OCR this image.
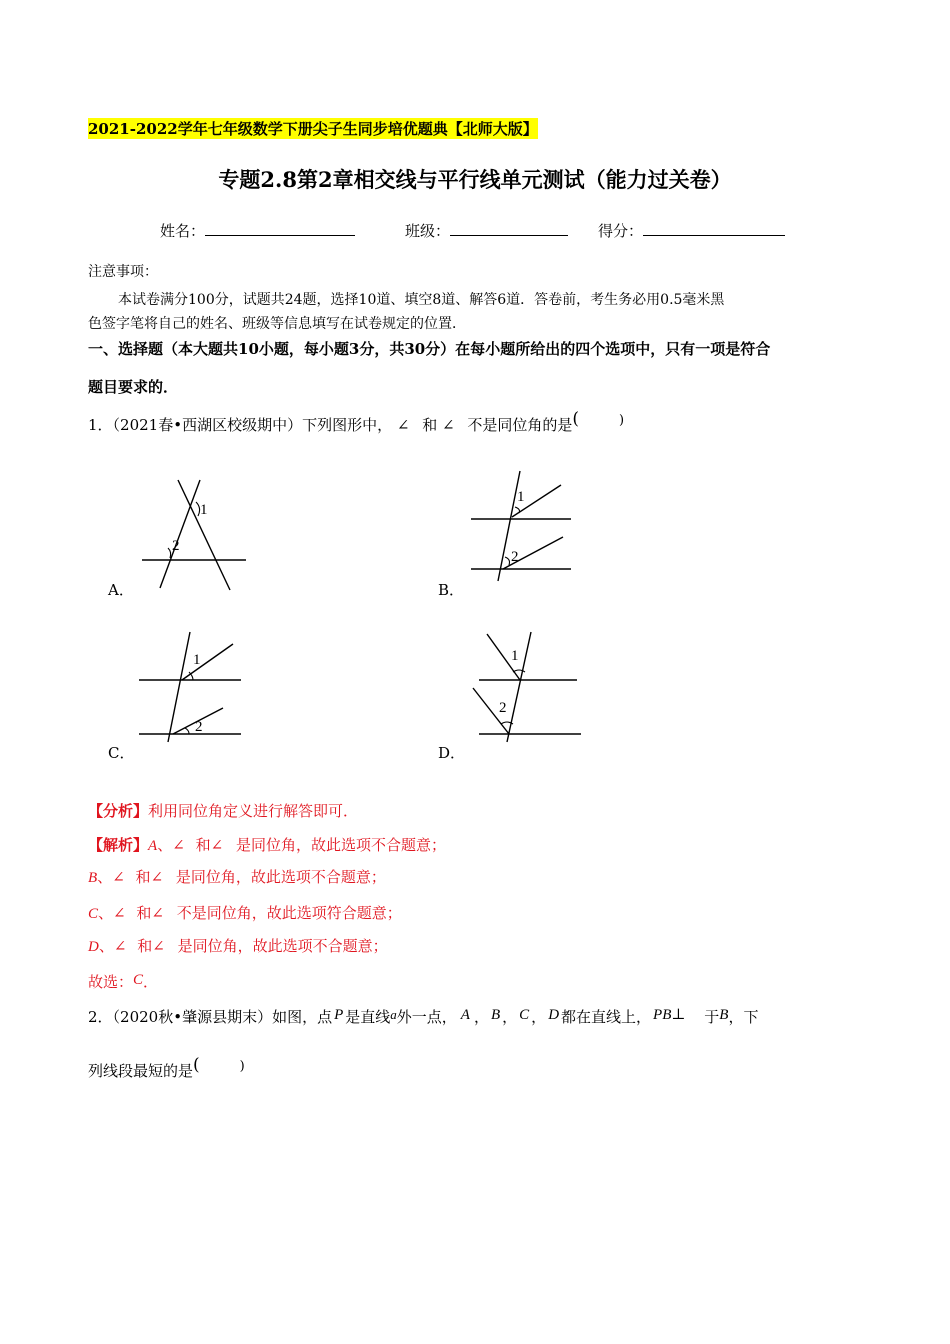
2021-2022学年七年级数学下册尖子生同步培优题典【北师大版】
专题2.8第2章相交线与平行线单元测试（能力过关卷）
姓名：	班级：	得分：
注意事项：
本试卷满分100分，试题共24题，选择10道、填空8道、解答6道．答卷前，考生务必用0.5毫米黑
色签字笔将自己的姓名、班级等信息填写在试卷规定的位置．
一、选择题（本大题共10小题，每小题3分，共30分）在每小题所给出的四个选项中，只有一项是符合
题目要求的．
1．（2021春•西湖区校级期中）下列图形中， ∠ 和 ∠ 不是同位角的是(	)
1
2
A．
1
2
B．
1
2
C．
1
2
D．
【分析】利用同位角定义进行解答即可．
【解析】A、∠ 和∠ 是同位角，故此选项不合题意；
B、∠ 和∠ 是同位角，故此选项不合题意；
C、∠ 和∠ 不是同位角，故此选项符合题意；
D、∠ 和∠ 是同位角，故此选项不合题意；
故选：C．
2．（2020秋•肇源县期末）如图，点 P 是直线a外一点， A ， B ， C ， D 都在直线上， PB⊥ 于B，下
列线段最短的是(	)
